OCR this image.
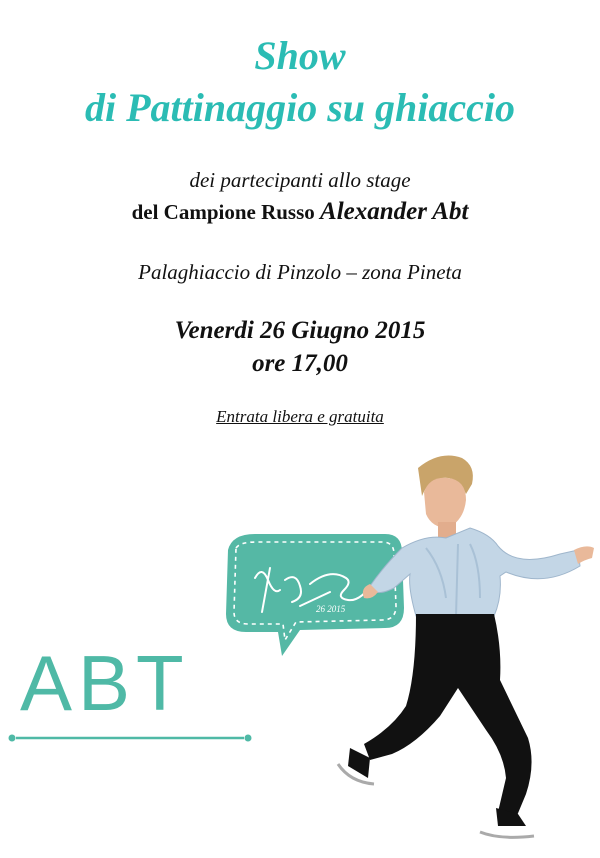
Show
di Pattinaggio su ghiaccio

dei partecipanti allo stage

del Campione Russo Alexander Abt

Palaghiaccio di Pinzolo – zona Pineta

Venerdi 26 Giugno 2015

ore 17,00

Entrata libera e gratuita

26 2015
ABT
